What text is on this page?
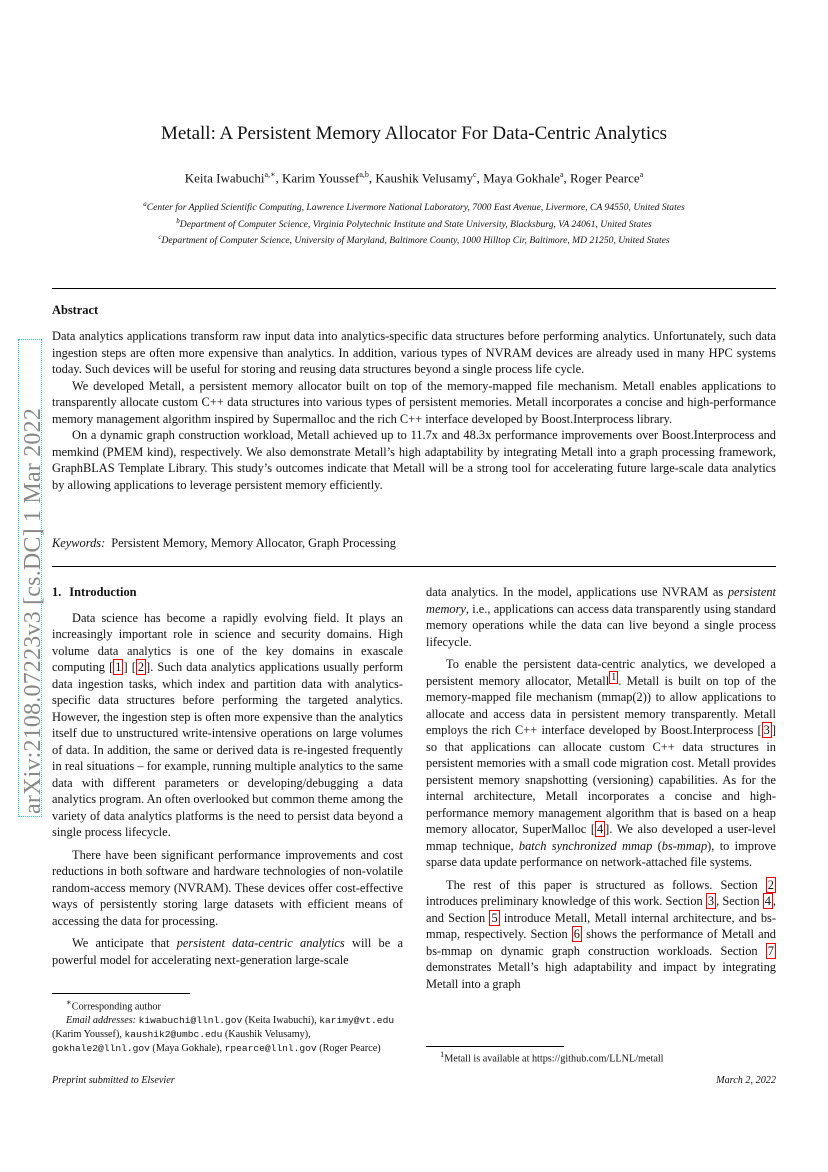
arXiv:2108.07223v3 [cs.DC] 1 Mar 2022
Metall: A Persistent Memory Allocator For Data-Centric Analytics
Keita Iwabuchi$^{a,∗}$, Karim Youssef$^{a,b}$, Kaushik Velusamy$^c$, Maya Gokhale$^a$, Roger Pearce$^a$
$^a$Center for Applied Scientific Computing, Lawrence Livermore National Laboratory, 7000 East Avenue, Livermore, CA 94550, United States
$^b$Department of Computer Science, Virginia Polytechnic Institute and State University, Blacksburg, VA 24061, United States
$^c$Department of Computer Science, University of Maryland, Baltimore County, 1000 Hilltop Cir, Baltimore, MD 21250, United States
Abstract

Data analytics applications transform raw input data into analytics-specific data structures before performing analytics. Unfortunately, such data ingestion steps are often more expensive than analytics. In addition, various types of NVRAM devices are already used in many HPC systems today. Such devices will be useful for storing and reusing data structures beyond a single process life cycle.

We developed Metall, a persistent memory allocator built on top of the memory-mapped file mechanism. Metall enables applications to transparently allocate custom C++ data structures into various types of persistent memories. Metall incorporates a concise and high-performance memory management algorithm inspired by Supermalloc and the rich C++ interface developed by Boost.Interprocess library.

On a dynamic graph construction workload, Metall achieved up to 11.7x and 48.3x performance improvements over Boost.Interprocess and memkind (PMEM kind), respectively. We also demonstrate Metall’s high adaptability by integrating Metall into a graph processing framework, GraphBLAS Template Library. This study’s outcomes indicate that Metall will be a strong tool for accelerating future large-scale data analytics by allowing applications to leverage persistent memory efficiently.

Keywords: Persistent Memory, Memory Allocator, Graph Processing
1. Introduction

Data science has become a rapidly evolving field. It plays an increasingly important role in science and security domains. High volume data analytics is one of the key domains in exascale computing [ 1 ] [ 2 ]. Such data analytics applications usually perform data ingestion tasks, which index and partition data with analytics-specific data structures before performing the targeted analytics. However, the ingestion step is often more expensive than the analytics itself due to unstructured write-intensive operations on large volumes of data. In addition, the same or derived data is re-ingested frequently in real situations – for example, running multiple analytics to the same data with different parameters or developing/debugging a data analytics program. An often overlooked but common theme among the variety of data analytics platforms is the need to persist data beyond a single process lifecycle.

There have been significant performance improvements and cost reductions in both software and hardware technologies of non-volatile random-access memory (NVRAM). These devices offer cost-effective ways of persistently storing large datasets with efficient means of accessing the data for processing.

We anticipate that persistent data-centric analytics will be a powerful model for accelerating next-generation large-scale

data analytics. In the model, applications use NVRAM as persistent memory, i.e., applications can access data transparently using standard memory operations while the data can live beyond a single process lifecycle.

To enable the persistent data-centric analytics, we developed a persistent memory allocator, Metall $^1$ . Metall is built on top of the memory-mapped file mechanism (mmap(2)) to allow applications to allocate and access data in persistent memory transparently. Metall employs the rich C++ interface developed by Boost.Interprocess [ 3 ] so that applications can allocate custom C++ data structures in persistent memories with a small code migration cost. Metall provides persistent memory snapshotting (versioning) capabilities. As for the internal architecture, Metall incorporates a concise and high-performance memory management algorithm that is based on a heap memory allocator, SuperMalloc [ 4 ]. We also developed a user-level mmap technique, batch synchronized mmap (bs-mmap), to improve sparse data update performance on network-attached file systems.

The rest of this paper is structured as follows. Section 2 introduces preliminary knowledge of this work. Section 3 , Section 4 , and Section 5 introduce Metall, Metall internal architecture, and bs-mmap, respectively. Section 6 shows the performance of Metall and bs-mmap on dynamic graph construction workloads. Section 7 demonstrates Metall’s high adaptability and impact by integrating Metall into a graph

∗Corresponding author
Email addresses: kiwabuchi@llnl.gov (Keita Iwabuchi), karimy@vt.edu (Karim Youssef), kaushik2@umbc.edu (Kaushik Velusamy), gokhale2@llnl.gov (Maya Gokhale), rpearce@llnl.gov (Roger Pearce)
$^1$Metall is available at https://github.com/LLNL/metall
Preprint submitted to Elsevier	March 2, 2022
